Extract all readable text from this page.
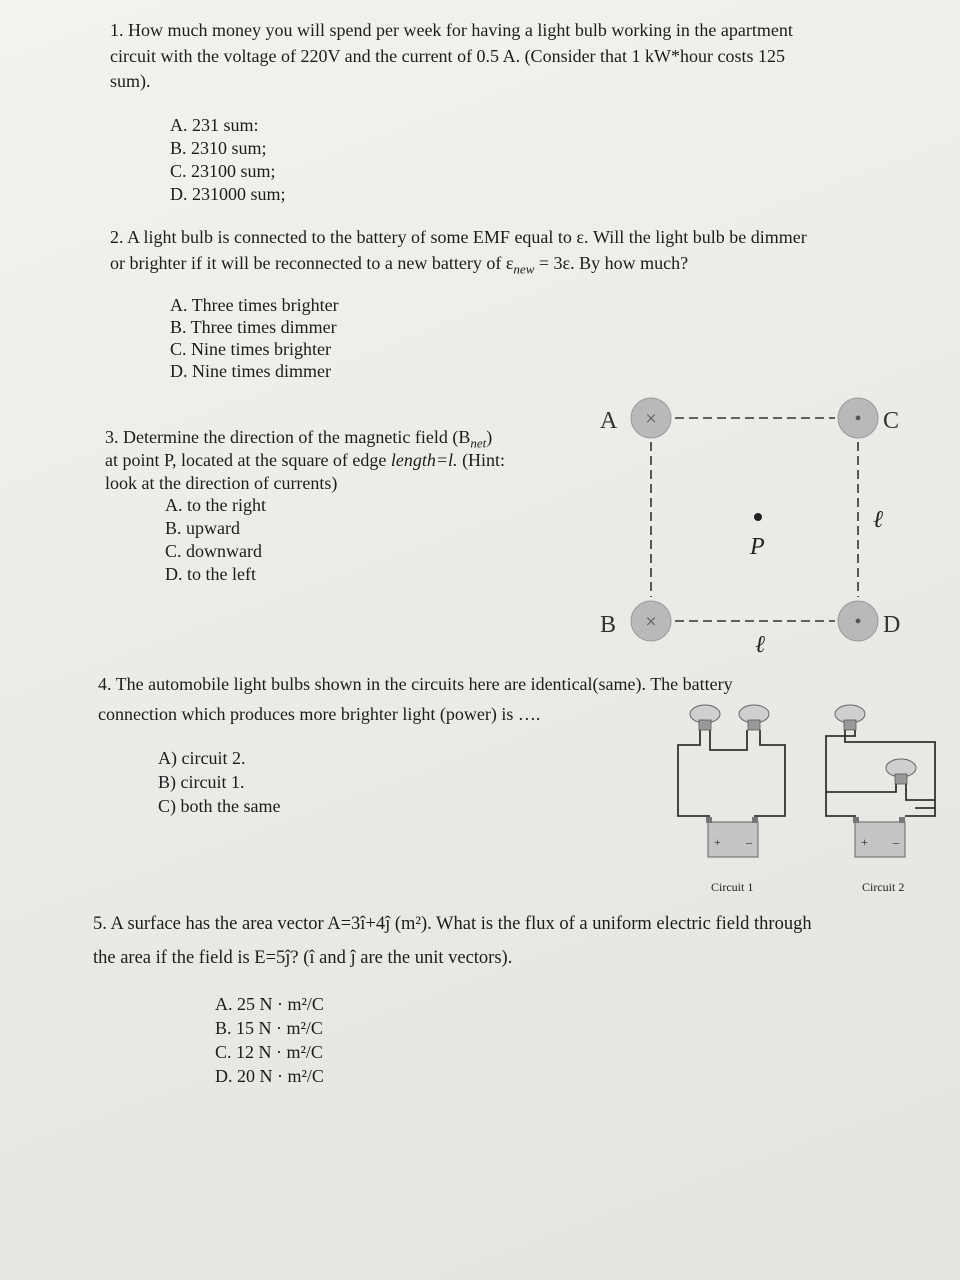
1. How much money you will spend per week for having a light bulb working in the apartment

circuit with the voltage of 220V and the current of 0.5 A. (Consider that 1 kW*hour costs 125

sum).

A. 231 sum:

B. 2310 sum;

C. 23100 sum;

D. 231000 sum;

2. A light bulb is connected to the battery of some EMF equal to ε. Will the light bulb be dimmer

or brighter if it will be reconnected to a new battery of $\varepsilon_{new} = 3\varepsilon$. By how much?

A. Three times brighter

B. Three times dimmer

C. Nine times brighter

D. Nine times dimmer

3. Determine the direction of the magnetic field $(B_{net})$

at point P, located at the square of edge length=l. (Hint:

look at the direction of currents)

A. to the right

B. upward

C. downward

D. to the left

×	•
×	•
A	C
B	D
P
ℓ
ℓ

4. The automobile light bulbs shown in the circuits here are identical(same). The battery

connection which produces more brighter light (power) is ….

A) circuit 2.

B) circuit 1.

C) both the same

+ –	+ –
Circuit 1	Circuit 2

5. A surface has the area vector A=3î+4ĵ (m²). What is the flux of a uniform electric field through

the area if the field is E=5ĵ? (î and ĵ are the unit vectors).

A. 25 N · m²/C

B. 15 N · m²/C

C. 12 N · m²/C

D. 20 N · m²/C
